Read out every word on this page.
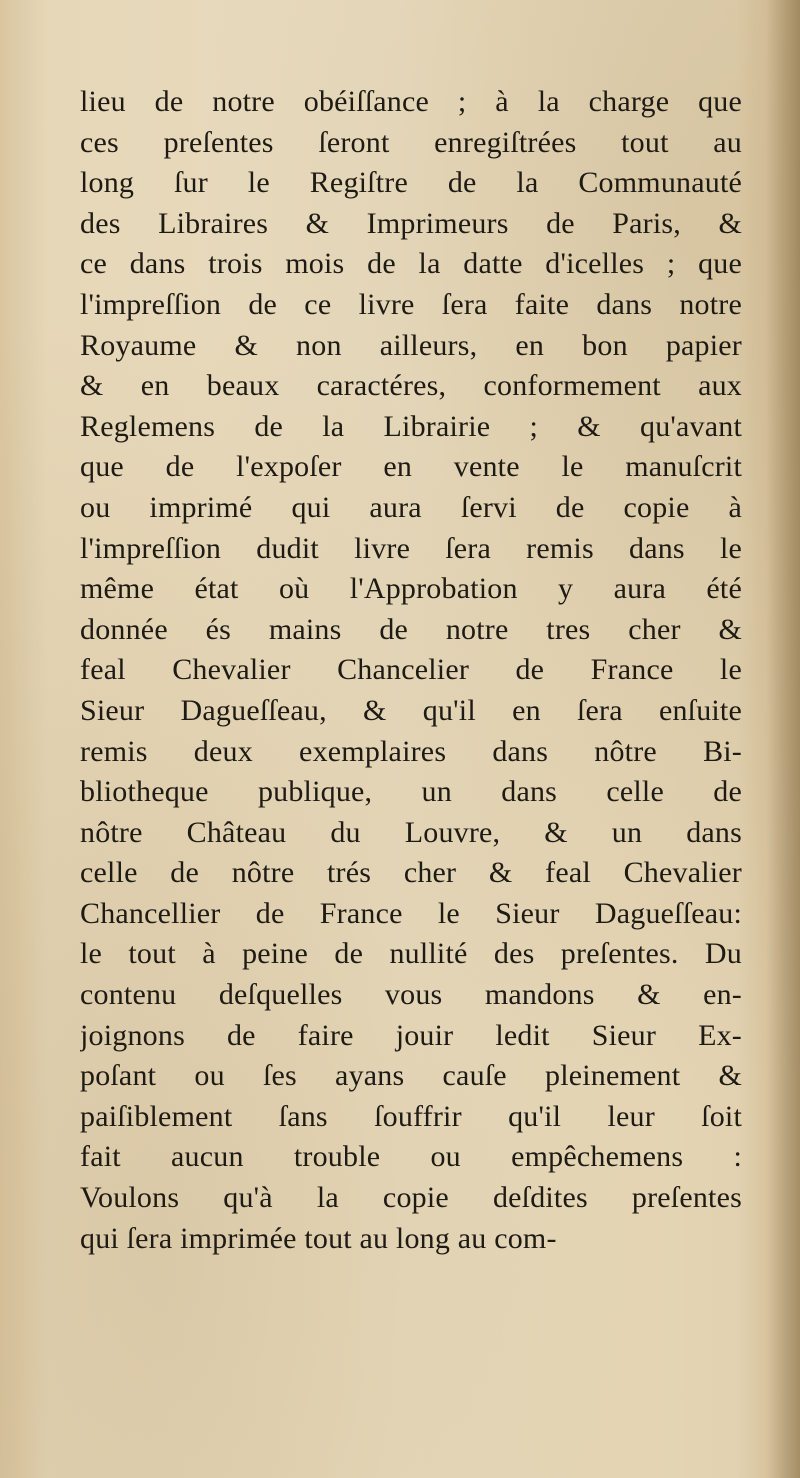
lieu de notre obéiſſance ; à la charge que
ces preſentes ſeront enregiſtrées tout au
long ſur le Regiſtre de la Communauté
des Libraires & Imprimeurs de Paris, &
ce dans trois mois de la datte d'icelles ; que
l'impreſſion de ce livre ſera faite dans notre
Royaume & non ailleurs, en bon papier
& en beaux caractéres, conformement aux
Reglemens de la Librairie ; & qu'avant
que de l'expoſer en vente le manuſcrit
ou imprimé qui aura ſervi de copie à
l'impreſſion dudit livre ſera remis dans le
même état où l'Approbation y aura été
donnée és mains de notre tres cher &
feal Chevalier Chancelier de France le
Sieur Dagueſſeau, & qu'il en ſera enſuite
remis deux exemplaires dans nôtre Bi-
bliotheque publique, un dans celle de
nôtre Château du Louvre, & un dans
celle de nôtre trés cher & feal Chevalier
Chancellier de France le Sieur Dagueſſeau:
le tout à peine de nullité des preſentes. Du
contenu deſquelles vous mandons & en-
joignons de faire jouir ledit Sieur Ex-
poſant ou ſes ayans cauſe pleinement &
paiſiblement ſans ſouffrir qu'il leur ſoit
fait aucun trouble ou empêchemens :
Voulons qu'à la copie deſdites preſentes
qui ſera imprimée tout au long au com-
